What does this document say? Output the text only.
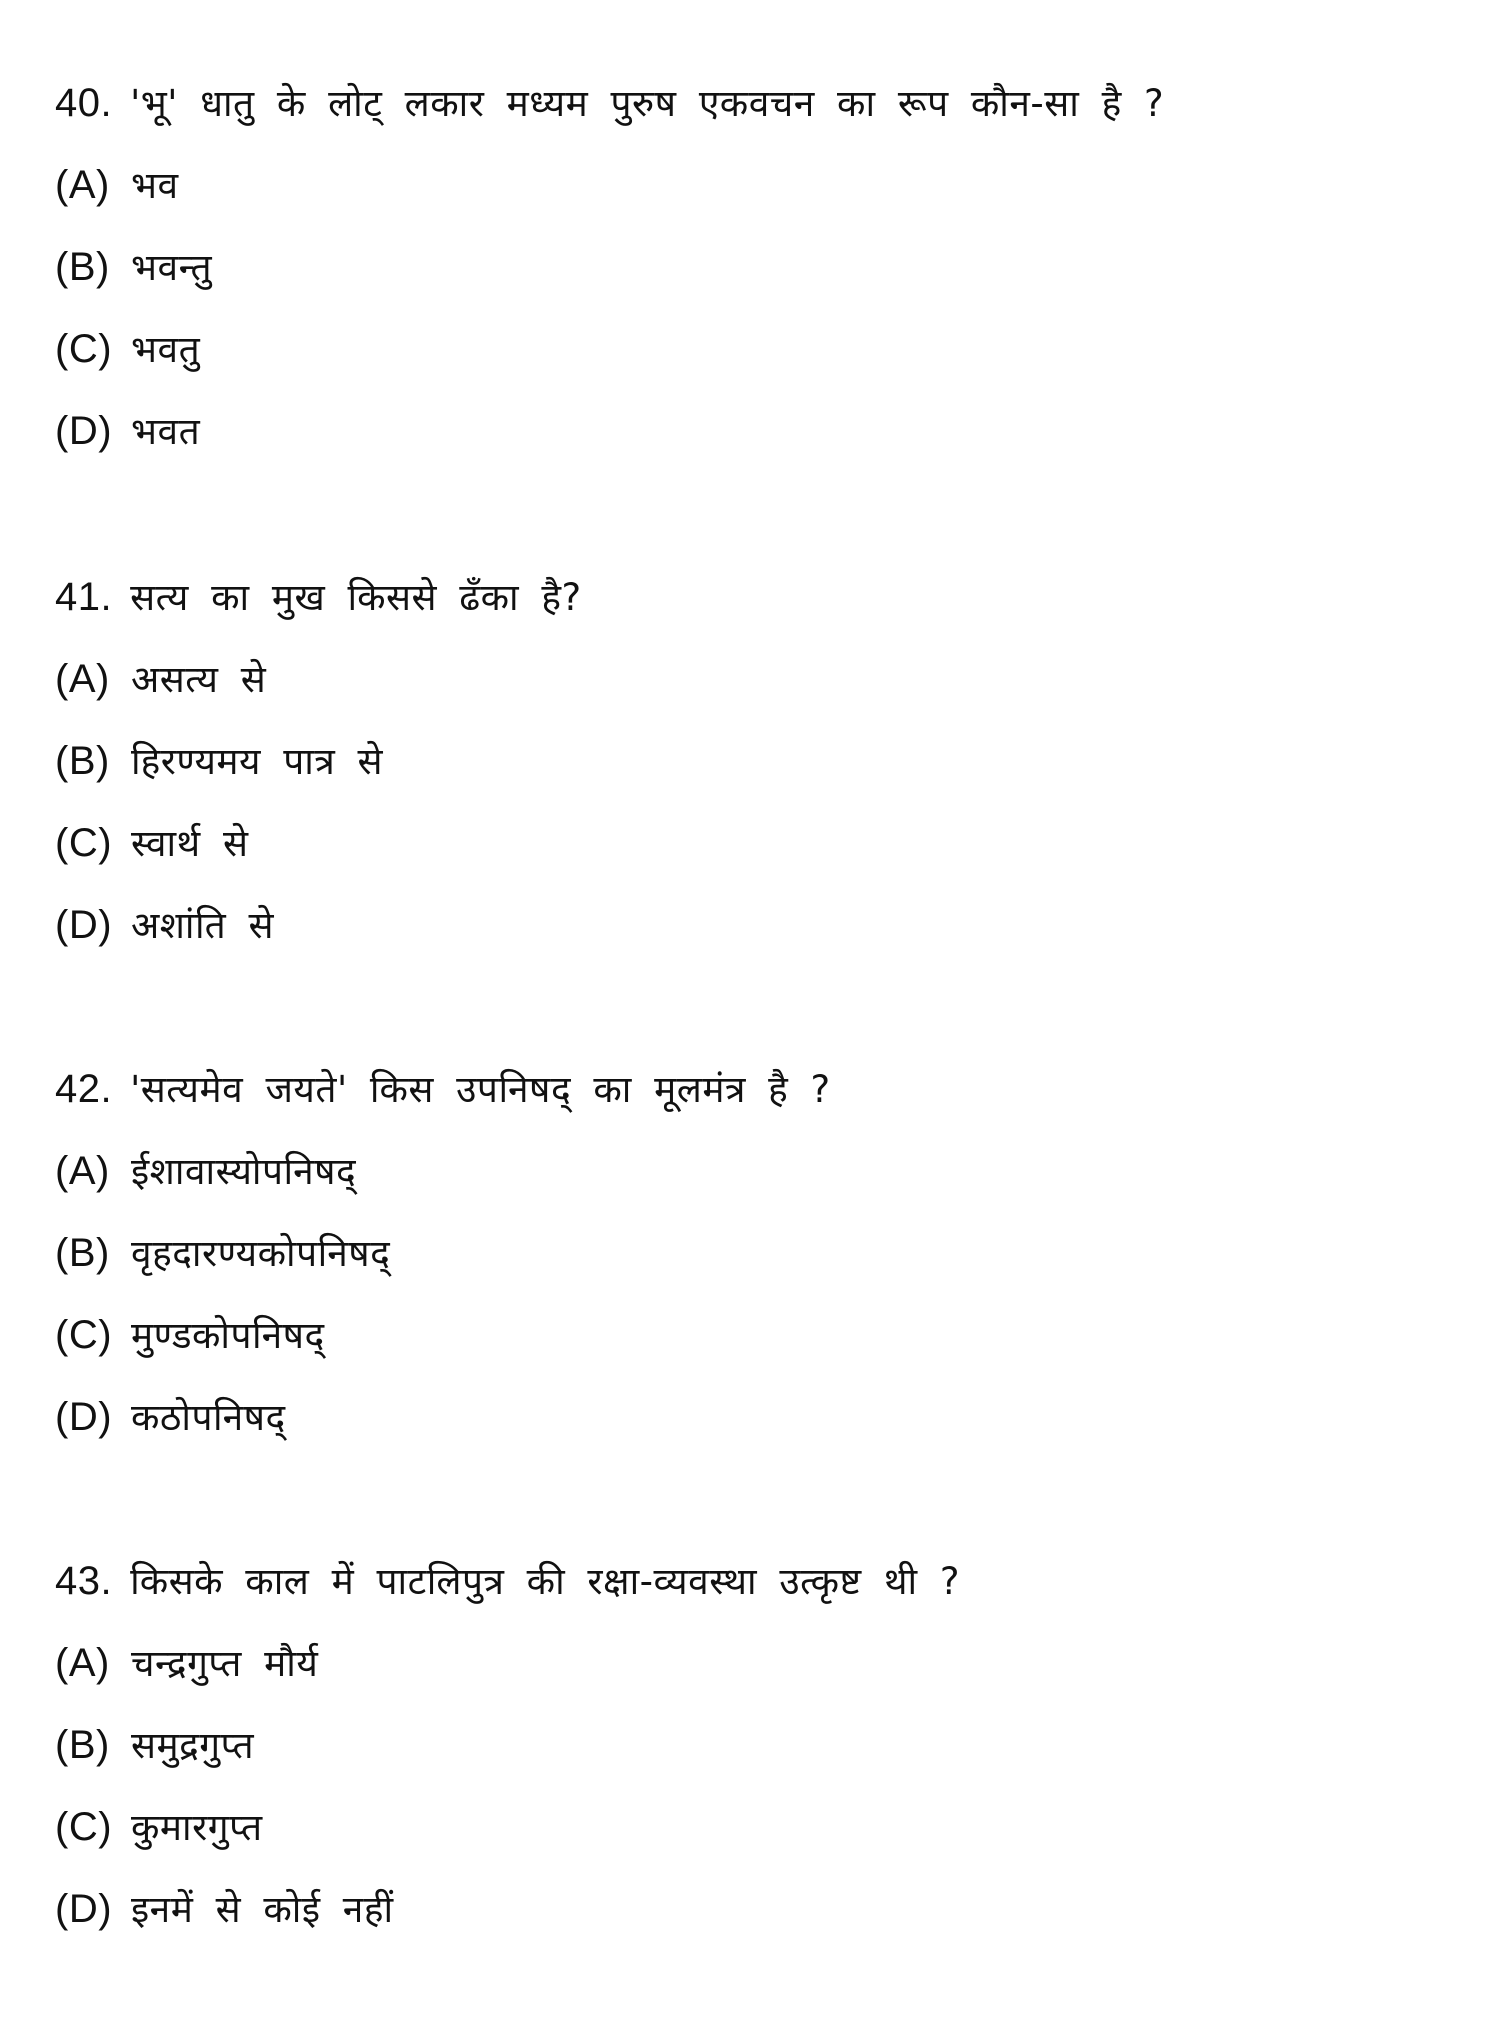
40. 'भू' धातु के लोट् लकार मध्यम पुरुष एकवचन का रूप कौन-सा है ?
(A) भव
(B) भवन्तु
(C) भवतु
(D) भवत
41. सत्य का मुख किससे ढँका है?
(A) असत्य से
(B) हिरण्यमय पात्र से
(C) स्वार्थ से
(D) अशांति से
42. 'सत्यमेव जयते' किस उपनिषद् का मूलमंत्र है ?
(A) ईशावास्योपनिषद्
(B) वृहदारण्यकोपनिषद्
(C) मुण्डकोपनिषद्
(D) कठोपनिषद्
43. किसके काल में पाटलिपुत्र की रक्षा-व्यवस्था उत्कृष्ट थी ?
(A) चन्द्रगुप्त मौर्य
(B) समुद्रगुप्त
(C) कुमारगुप्त
(D) इनमें से कोई नहीं
